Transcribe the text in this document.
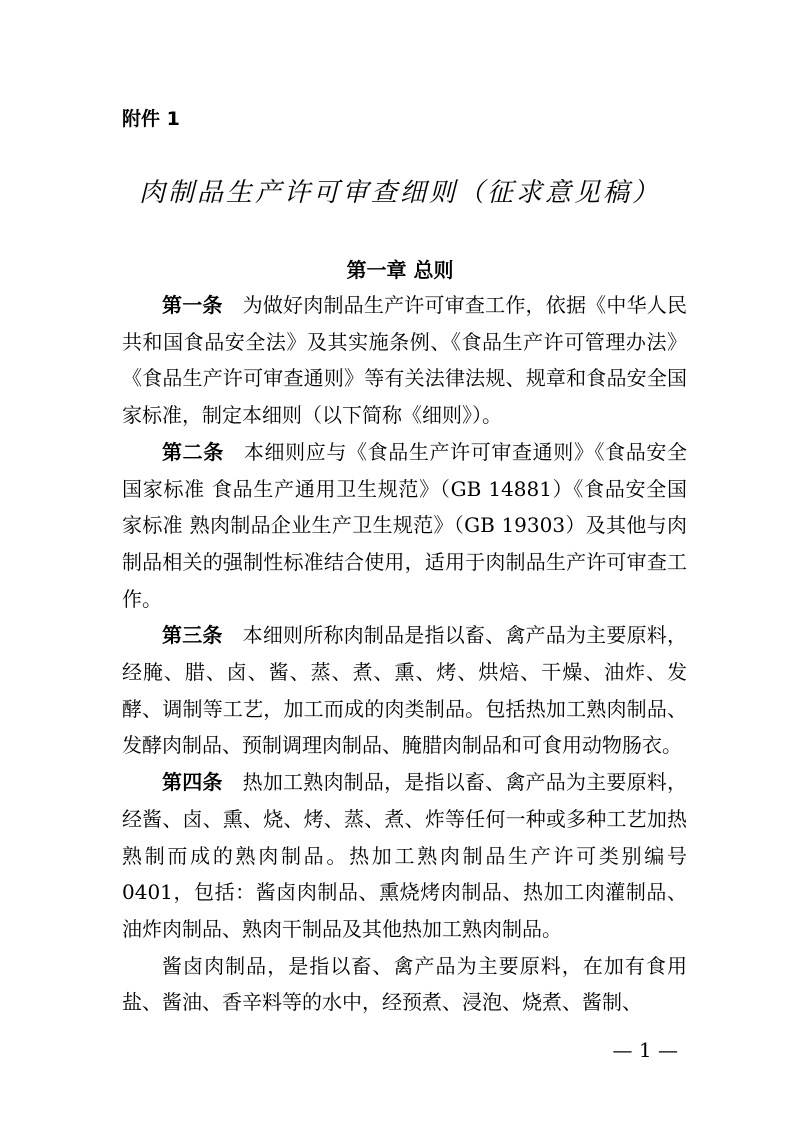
附件 1
肉制品生产许可审查细则（征求意见稿）
第一章 总则

第一条 为做好肉制品生产许可审查工作，依据《中华人民共和国食品安全法》及其实施条例、《食品生产许可管理办法》《食品生产许可审查通则》等有关法律法规、规章和食品安全国家标准，制定本细则（以下简称《细则》）。

第二条 本细则应与《食品生产许可审查通则》《食品安全国家标准 食品生产通用卫生规范》（GB 14881）《食品安全国家标准 熟肉制品企业生产卫生规范》（GB 19303）及其他与肉制品相关的强制性标准结合使用，适用于肉制品生产许可审查工作。

第三条 本细则所称肉制品是指以畜、禽产品为主要原料，经腌、腊、卤、酱、蒸、煮、熏、烤、烘焙、干燥、油炸、发酵、调制等工艺，加工而成的肉类制品。包括热加工熟肉制品、发酵肉制品、预制调理肉制品、腌腊肉制品和可食用动物肠衣。

第四条 热加工熟肉制品，是指以畜、禽产品为主要原料，经酱、卤、熏、烧、烤、蒸、煮、炸等任何一种或多种工艺加热熟制而成的熟肉制品。热加工熟肉制品生产许可类别编号 0401，包括：酱卤肉制品、熏烧烤肉制品、热加工肉灌制品、油炸肉制品、熟肉干制品及其他热加工熟肉制品。

酱卤肉制品，是指以畜、禽产品为主要原料，在加有食用盐、酱油、香辛料等的水中，经预煮、浸泡、烧煮、酱制、

— 1 —
